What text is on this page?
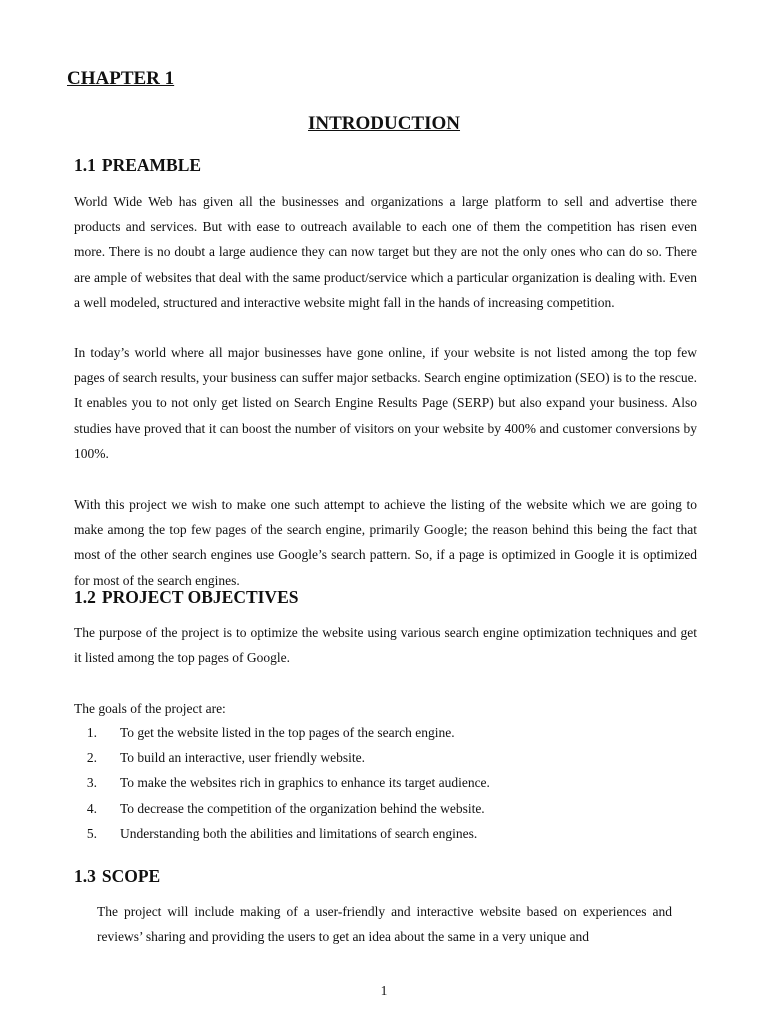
CHAPTER 1
INTRODUCTION
1.1 PREAMBLE

World Wide Web has given all the businesses and organizations a large platform to sell and advertise there products and services. But with ease to outreach available to each one of them the competition has risen even more. There is no doubt a large audience they can now target but they are not the only ones who can do so. There are ample of websites that deal with the same product/service which a particular organization is dealing with. Even a well modeled, structured and interactive website might fall in the hands of increasing competition.

In today’s world where all major businesses have gone online, if your website is not listed among the top few pages of search results, your business can suffer major setbacks. Search engine optimization (SEO) is to the rescue. It enables you to not only get listed on Search Engine Results Page (SERP) but also expand your business. Also studies have proved that it can boost the number of visitors on your website by 400% and customer conversions by 100%.

With this project we wish to make one such attempt to achieve the listing of the website which we are going to make among the top few pages of the search engine, primarily Google; the reason behind this being the fact that most of the other search engines use Google’s search pattern. So, if a page is optimized in Google it is optimized for most of the search engines.

1.2 PROJECT OBJECTIVES

The purpose of the project is to optimize the website using various search engine optimization techniques and get it listed among the top pages of Google.

The goals of the project are:

1. To get the website listed in the top pages of the search engine.
2. To build an interactive, user friendly website.
3. To make the websites rich in graphics to enhance its target audience.
4. To decrease the competition of the organization behind the website.
5. Understanding both the abilities and limitations of search engines.
1.3 SCOPE

The project will include making of a user-friendly and interactive website based on experiences and reviews’ sharing and providing the users to get an idea about the same in a very unique and

1
